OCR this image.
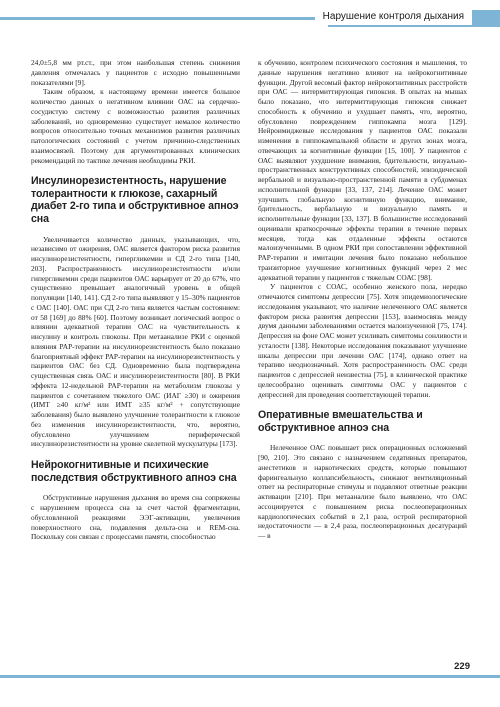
Нарушение контроля дыхания

24,0±5,8 мм рт.ст., при этом наибольшая степень снижения давления отмечалась у пациентов с исходно повышенными показателями [9].

Таким образом, к настоящему времени имеется большое количество данных о негативном влиянии ОАС на сердечно-сосудистую систему с возможностью развития различных заболеваний, но одновременно существует немалое количество вопросов относительно точных механизмов развития различных патологических состояний с учетом причинно-следственных взаимосвязей. Поэтому для аргументированных клинических рекомендаций по тактике лечения необходимы РКИ.

Инсулинорезистентность, нарушение толерантности к глюкозе, сахарный диабет 2-го типа и обструктивное апноэ сна

Увеличивается количество данных, указывающих, что, независимо от ожирения, ОАС является фактором риска развития инсулинорезистентности, гипергликемии и СД 2-го типа [140, 203]. Распространенность инсулинорезистентности и/или гипергликемии среди пациентов ОАС варьирует от 20 до 67%, что существенно превышает аналогичный уровень в общей популяции [140, 141]. СД 2-го типа выявляют у 15–30% пациентов с ОАС [140]. ОАС при СД 2-го типа является частым состоянием: от 58 [169] до 88% [60]. Поэтому возникает логический вопрос о влиянии адекватной терапии ОАС на чувствительность к инсулину и контроль глюкозы. При метаанализе РКИ с оценкой влияния PAP-терапии на инсулинорезистентность было показано благоприятный эффект PAP-терапии на инсулинорезистентность у пациентов ОАС без СД. Одновременно была подтверждена существенная связь ОАС и инсулинорезистентности [80]. В РКИ эффекта 12-недельной PAP-терапии на метаболизм глюкозы у пациентов с сочетанием тяжелого ОАС (ИАГ ≥30) и ожирения (ИМТ ≥40 кг/м² или ИМТ ≥35 кг/м² + сопутствующие заболевания) было выявлено улучшение толерантности к глюкозе без изменения инсулинорезистентности, что, вероятно, обусловлено улучшением периферической инсулинорезистентности на уровне скелетной мускулатуры [173].

Нейрокогнитивные и психические последствия обструктивного апноэ сна

Обструктивные нарушения дыхания во время сна сопряжены с нарушением процесса сна за счет частой фрагментации, обусловленной реакциями ЭЭГ-активации, увеличения поверхностного сна, подавления дельта-сна и REM-сна. Поскольку сон связан с процессами памяти, способностью

к обучению, контролем психического состояния и мышления, то данные нарушения негативно влияют на нейрокогнитивные функции. Другой весомый фактор нейрокогнитивных расстройств при ОАС — интермиттирующая гипоксия. В опытах на мышах было показано, что интермиттирующая гипоксия снижает способность к обучению и ухудшает память, что, вероятно, обусловлено повреждением гиппокампа мозга [129]. Нейроимиджевые исследования у пациентов ОАС показали изменения в гиппокампальной области и других зонах мозга, отвечающих за когнитивные функции [15, 100]. У пациентов с ОАС выявляют ухудшение внимания, бдительности, визуально-пространственных конструктивных способностей, эпизодической вербальной и визуально-пространственной памяти в субдоменах исполнительной функции [33, 137, 214]. Лечение ОАС может улучшить глобальную когнитивную функцию, внимание, бдительность, вербальную и визуальную память и исполнительные функции [33, 137]. В большинстве исследований оценивали краткосрочные эффекты терапии в течение первых месяцев, тогда как отдаленные эффекты остаются малоизученными. В одном РКИ при сопоставлении эффективной PAP-терапии и имитации лечения было показано небольшое транзиторное улучшение когнитивных функций через 2 мес адекватной терапии у пациентов с тяжелым СОАС [98].

У пациентов с СОАС, особенно женского пола, нередко отмечаются симптомы депрессии [75]. Хотя эпидемиологические исследования указывают, что наличие нелеченного ОАС является фактором риска развития депрессии [153], взаимосвязь между двумя данными заболеваниями остается малоизученной [75, 174]. Депрессия на фоне ОАС может усиливать симптомы сонливости и усталости [138]. Некоторые исследования показывают улучшение шкалы депрессии при лечении ОАС [174], однако ответ на терапию неоднозначный. Хотя распространенность ОАС среди пациентов с депрессией неизвестна [75], в клинической практике целесообразно оценивать симптомы ОАС у пациентов с депрессией для проведения соответствующей терапии.

Оперативные вмешательства и обструктивное апноэ сна

Нелеченное ОАС повышает риск операционных осложнений [90, 210]. Это связано с назначением седативных препаратов, анестетиков и наркотических средств, которые повышают фарингеальную коллапсибельность, снижают вентиляционный ответ на респираторные стимулы и подавляют ответные реакции активации [210]. При метаанализе было выявлено, что ОАС ассоциируется с повышением риска послеоперационных кардиологических событий в 2,1 раза, острой респираторной недостаточности — в 2,4 раза, послеоперационных десатураций — в

229
